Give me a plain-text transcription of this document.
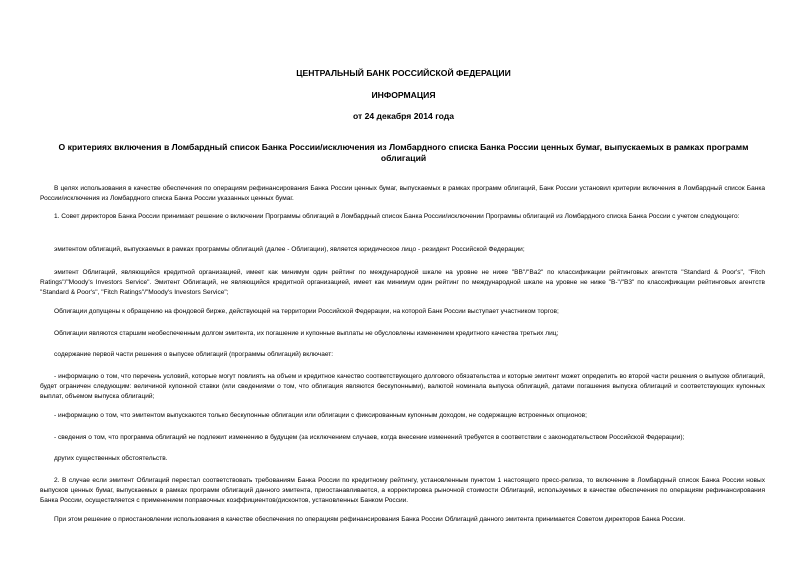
ЦЕНТРАЛЬНЫЙ БАНК РОССИЙСКОЙ ФЕДЕРАЦИИ
ИНФОРМАЦИЯ
от 24 декабря 2014 года
О критериях включения в Ломбардный список Банка России/исключения из Ломбардного списка Банка России ценных бумаг, выпускаемых в рамках программ облигаций

В целях использования в качестве обеспечения по операциям рефинансирования Банка России ценных бумаг, выпускаемых в рамках программ облигаций, Банк России установил критерии включения в Ломбардный список Банка России/исключения из Ломбардного списка Банка России указанных ценных бумаг.

1. Совет директоров Банка России принимает решение о включении Программы облигаций в Ломбардный список Банка России/исключении Программы облигаций из Ломбардного списка Банка России с учетом следующего:

эмитентом облигаций, выпускаемых в рамках программы облигаций (далее - Облигации), является юридическое лицо - резидент Российской Федерации;

эмитент Облигаций, являющийся кредитной организацией, имеет как минимум один рейтинг по международной шкале на уровне не ниже "BB"/"Ba2" по классификации рейтинговых агентств "Standard & Poor's", "Fitch Ratings"/"Moody's Investors Service". Эмитент Облигаций, не являющийся кредитной организацией, имеет как минимум один рейтинг по международной шкале на уровне не ниже "B-"/"B3" по классификации рейтинговых агентств "Standard & Poor's", "Fitch Ratings"/"Moody's Investors Service";

Облигации допущены к обращению на фондовой бирже, действующей на территории Российской Федерации, на которой Банк России выступает участником торгов;

Облигации являются старшим необеспеченным долгом эмитента, их погашение и купонные выплаты не обусловлены изменением кредитного качества третьих лиц;

содержание первой части решения о выпуске облигаций (программы облигаций) включает:

- информацию о том, что перечень условий, которые могут повлиять на объем и кредитное качество соответствующего долгового обязательства и которые эмитент может определить во второй части решения о выпуске облигаций, будет ограничен следующим: величиной купонной ставки (или сведениями о том, что облигация являются бескупонными), валютой номинала выпуска облигаций, датами погашения выпуска облигаций и соответствующих купонных выплат, объемом выпуска облигаций;

- информацию о том, что эмитентом выпускаются только бескупонные облигации или облигации с фиксированным купонным доходом, не содержащие встроенных опционов;

- сведения о том, что программа облигаций не подлежит изменению в будущем (за исключением случаев, когда внесение изменений требуется в соответствии с законодательством Российской Федерации);

других существенных обстоятельств.

2. В случае если эмитент Облигаций перестал соответствовать требованиям Банка России по кредитному рейтингу, установленным пунктом 1 настоящего пресс-релиза, то включение в Ломбардный список Банка России новых выпусков ценных бумаг, выпускаемых в рамках программ облигаций данного эмитента, приостанавливается, а корректировка рыночной стоимости Облигаций, используемых в качестве обеспечения по операциям рефинансирования Банка России, осуществляется с применением поправочных коэффициентов/дисконтов, установленных Банком России.

При этом решение о приостановлении использования в качестве обеспечения по операциям рефинансирования Банка России Облигаций данного эмитента принимается Советом директоров Банка России.
